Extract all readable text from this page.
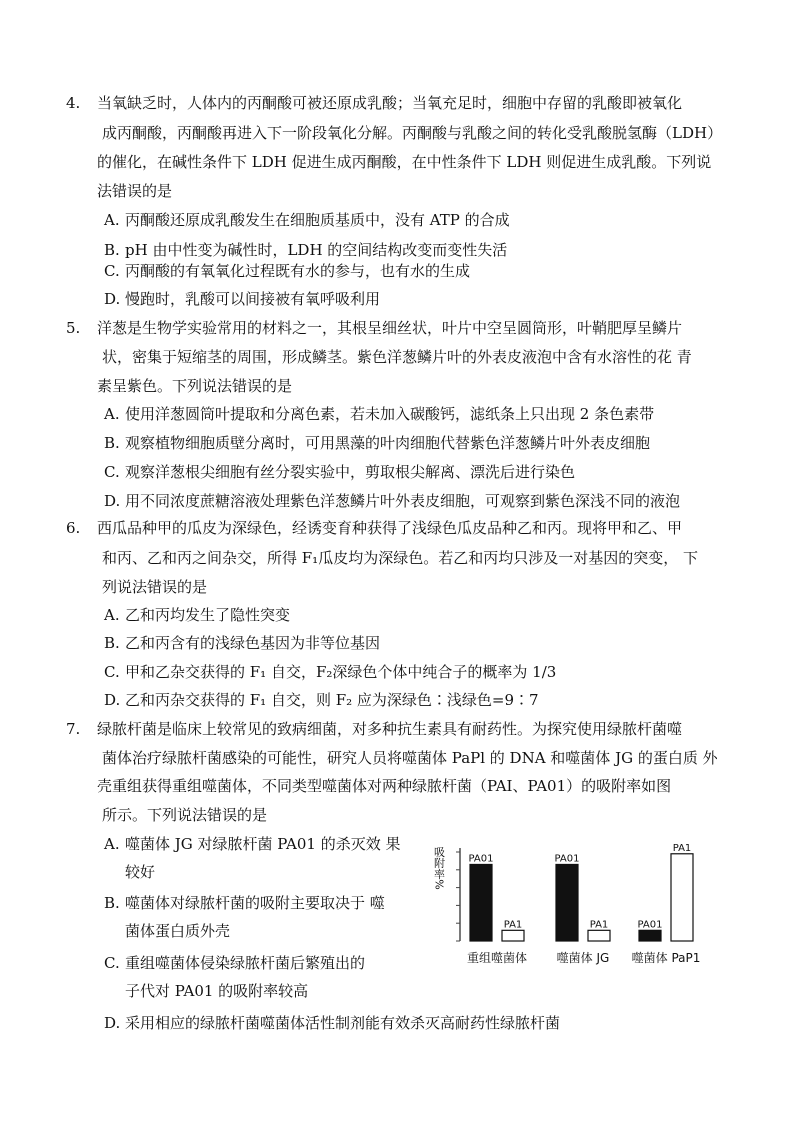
4. 当氧缺乏时，人体内的丙酮酸可被还原成乳酸；当氧充足时，细胞中存留的乳酸即被氧化
成丙酮酸，丙酮酸再进入下一阶段氧化分解。丙酮酸与乳酸之间的转化受乳酸脱氢酶（LDH）
的催化，在碱性条件下 LDH 促进生成丙酮酸，在中性条件下 LDH 则促进生成乳酸。下列说
法错误的是
A. 丙酮酸还原成乳酸发生在细胞质基质中，没有 ATP 的合成
B. pH 由中性变为碱性时，LDH 的空间结构改变而变性失活
C. 丙酮酸的有氧氧化过程既有水的参与，也有水的生成
D. 慢跑时，乳酸可以间接被有氧呼吸利用
5. 洋葱是生物学实验常用的材料之一，其根呈细丝状，叶片中空呈圆筒形，叶鞘肥厚呈鳞片
状，密集于短缩茎的周围，形成鳞茎。紫色洋葱鳞片叶的外表皮液泡中含有水溶性的花 青
素呈紫色。下列说法错误的是
A. 使用洋葱圆筒叶提取和分离色素，若未加入碳酸钙，滤纸条上只出现 2 条色素带
B. 观察植物细胞质壁分离时，可用黑藻的叶肉细胞代替紫色洋葱鳞片叶外表皮细胞
C. 观察洋葱根尖细胞有丝分裂实验中，剪取根尖解离、漂洗后进行染色
D. 用不同浓度蔗糖溶液处理紫色洋葱鳞片叶外表皮细胞，可观察到紫色深浅不同的液泡
6. 西瓜品种甲的瓜皮为深绿色，经诱变育种获得了浅绿色瓜皮品种乙和丙。现将甲和乙、甲
和丙、乙和丙之间杂交，所得 F₁瓜皮均为深绿色。若乙和丙均只涉及一对基因的突变， 下
列说法错误的是
A. 乙和丙均发生了隐性突变
B. 乙和丙含有的浅绿色基因为非等位基因
C. 甲和乙杂交获得的 F₁ 自交，F₂深绿色个体中纯合子的概率为 1/3
D. 乙和丙杂交获得的 F₁ 自交，则 F₂ 应为深绿色∶浅绿色=9∶7
7. 绿脓杆菌是临床上较常见的致病细菌，对多种抗生素具有耐药性。为探究使用绿脓杆菌噬
菌体治疗绿脓杆菌感染的可能性，研究人员将噬菌体 PaPl 的 DNA 和噬菌体 JG 的蛋白质 外
壳重组获得重组噬菌体，不同类型噬菌体对两种绿脓杆菌（PAI、PA01）的吸附率如图
所示。下列说法错误的是
A. 噬菌体 JG 对绿脓杆菌 PA01 的杀灭效 果
较好
B. 噬菌体对绿脓杆菌的吸附主要取决于 噬
菌体蛋白质外壳
C. 重组噬菌体侵染绿脓杆菌后繁殖出的
子代对 PA01 的吸附率较高
D. 采用相应的绿脓杆菌噬菌体活性制剂能有效杀灭高耐药性绿脓杆菌
吸附率% PA01
PA1
重组噬菌体
PA01
PA1
噬菌体 JG
PA01
PA1
噬菌体 PaP1
